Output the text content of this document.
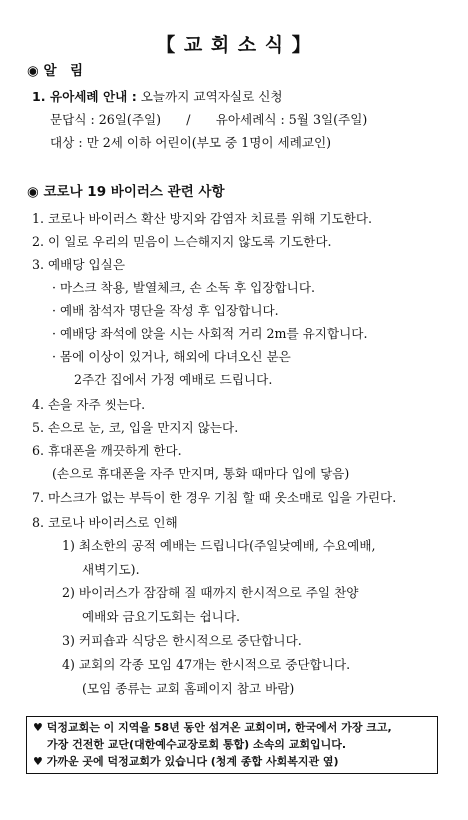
【 교 회 소 식 】
◉ 알　림
1. 유아세례 안내 : 오늘까지 교역자실로 신청
문답식 : 26일(주일)　　/　　유아세례식 : 5월 3일(주일)
대상 : 만 2세 이하 어린이(부모 중 1명이 세례교인)
◉ 코로나 19 바이러스 관련 사항
1. 코로나 바이러스 확산 방지와 감염자 치료를 위해 기도한다.
2. 이 일로 우리의 믿음이 느슨해지지 않도록 기도한다.
3. 예배당 입실은
· 마스크 착용, 발열체크, 손 소독 후 입장합니다.
· 예배 참석자 명단을 작성 후 입장합니다.
· 예배당 좌석에 앉을 시는 사회적 거리 2m를 유지합니다.
· 몸에 이상이 있거나, 해외에 다녀오신 분은
2주간 집에서 가정 예배로 드립니다.
4. 손을 자주 씻는다.
5. 손으로 눈, 코, 입을 만지지 않는다.
6. 휴대폰을 깨끗하게 한다.
(손으로 휴대폰을 자주 만지며, 통화 때마다 입에 닿음)
7. 마스크가 없는 부득이 한 경우 기침 할 때 옷소매로 입을 가린다.
8. 코로나 바이러스로 인해
1) 최소한의 공적 예배는 드립니다(주일낮예배, 수요예배,
새벽기도).
2) 바이러스가 잠잠해 질 때까지 한시적으로 주일 찬양
예배와 금요기도회는 쉽니다.
3) 커피숍과 식당은 한시적으로 중단합니다.
4) 교회의 각종 모임 47개는 한시적으로 중단합니다.
(모임 종류는 교회 홈페이지 참고 바람)
♥ 덕정교회는 이 지역을 58년 동안 섬겨온 교회이며, 한국에서 가장 크고,
가장 건전한 교단(대한예수교장로회 통합) 소속의 교회입니다.
♥ 가까운 곳에 덕정교회가 있습니다 (청계 종합 사회복지관 옆)
